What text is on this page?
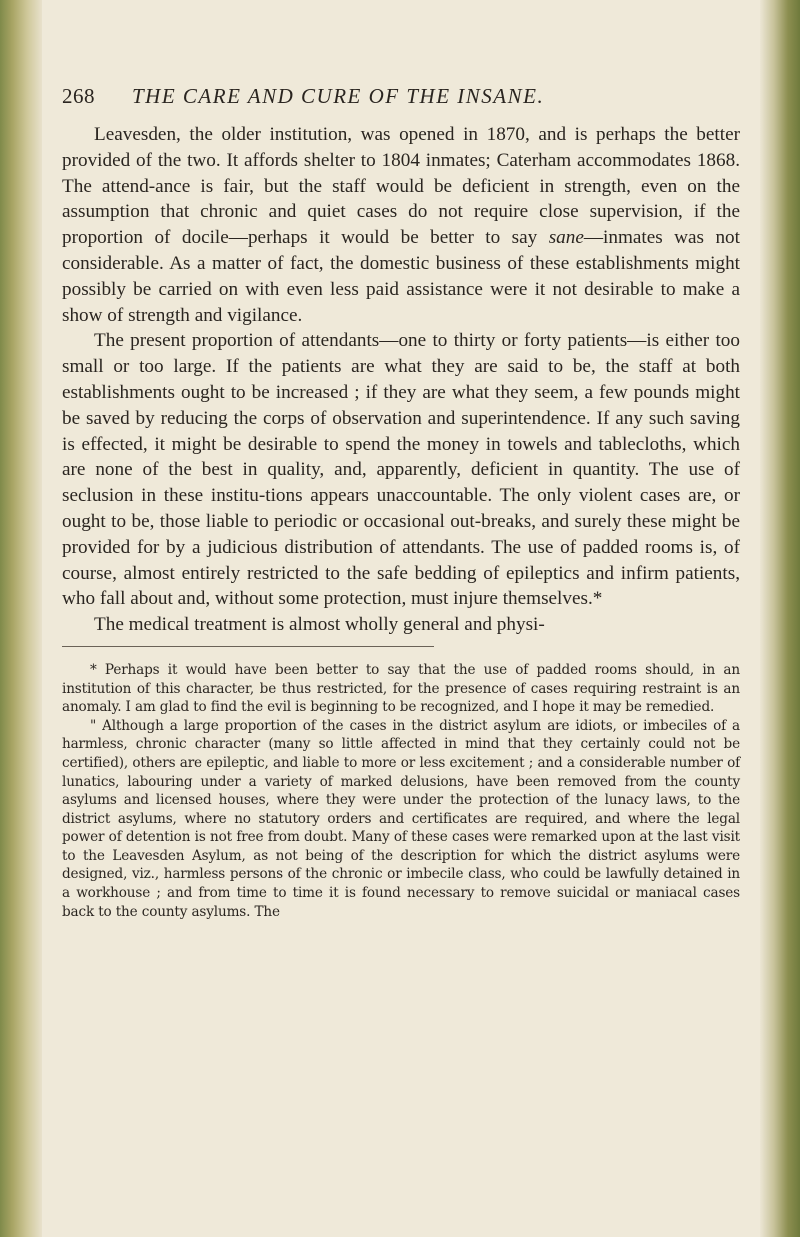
268 THE CARE AND CURE OF THE INSANE.

Leavesden, the older institution, was opened in 1870, and is perhaps the better provided of the two. It affords shelter to 1804 inmates; Caterham accommodates 1868. The attend-ance is fair, but the staff would be deficient in strength, even on the assumption that chronic and quiet cases do not require close supervision, if the proportion of docile—perhaps it would be better to say sane—inmates was not considerable. As a matter of fact, the domestic business of these establishments might possibly be carried on with even less paid assistance were it not desirable to make a show of strength and vigilance.

The present proportion of attendants—one to thirty or forty patients—is either too small or too large. If the patients are what they are said to be, the staff at both establishments ought to be increased ; if they are what they seem, a few pounds might be saved by reducing the corps of observation and superintendence. If any such saving is effected, it might be desirable to spend the money in towels and tablecloths, which are none of the best in quality, and, apparently, deficient in quantity. The use of seclusion in these institu-tions appears unaccountable. The only violent cases are, or ought to be, those liable to periodic or occasional out-breaks, and surely these might be provided for by a judicious distribution of attendants. The use of padded rooms is, of course, almost entirely restricted to the safe bedding of epileptics and infirm patients, who fall about and, without some protection, must injure themselves.*

The medical treatment is almost wholly general and physi-

* Perhaps it would have been better to say that the use of padded rooms should, in an institution of this character, be thus restricted, for the presence of cases requiring restraint is an anomaly. I am glad to find the evil is beginning to be recognized, and I hope it may be remedied.

" Although a large proportion of the cases in the district asylum are idiots, or imbeciles of a harmless, chronic character (many so little affected in mind that they certainly could not be certified), others are epileptic, and liable to more or less excitement ; and a considerable number of lunatics, labouring under a variety of marked delusions, have been removed from the county asylums and licensed houses, where they were under the protection of the lunacy laws, to the district asylums, where no statutory orders and certificates are required, and where the legal power of detention is not free from doubt. Many of these cases were remarked upon at the last visit to the Leavesden Asylum, as not being of the description for which the district asylums were designed, viz., harmless persons of the chronic or imbecile class, who could be lawfully detained in a workhouse ; and from time to time it is found necessary to remove suicidal or maniacal cases back to the county asylums. The
